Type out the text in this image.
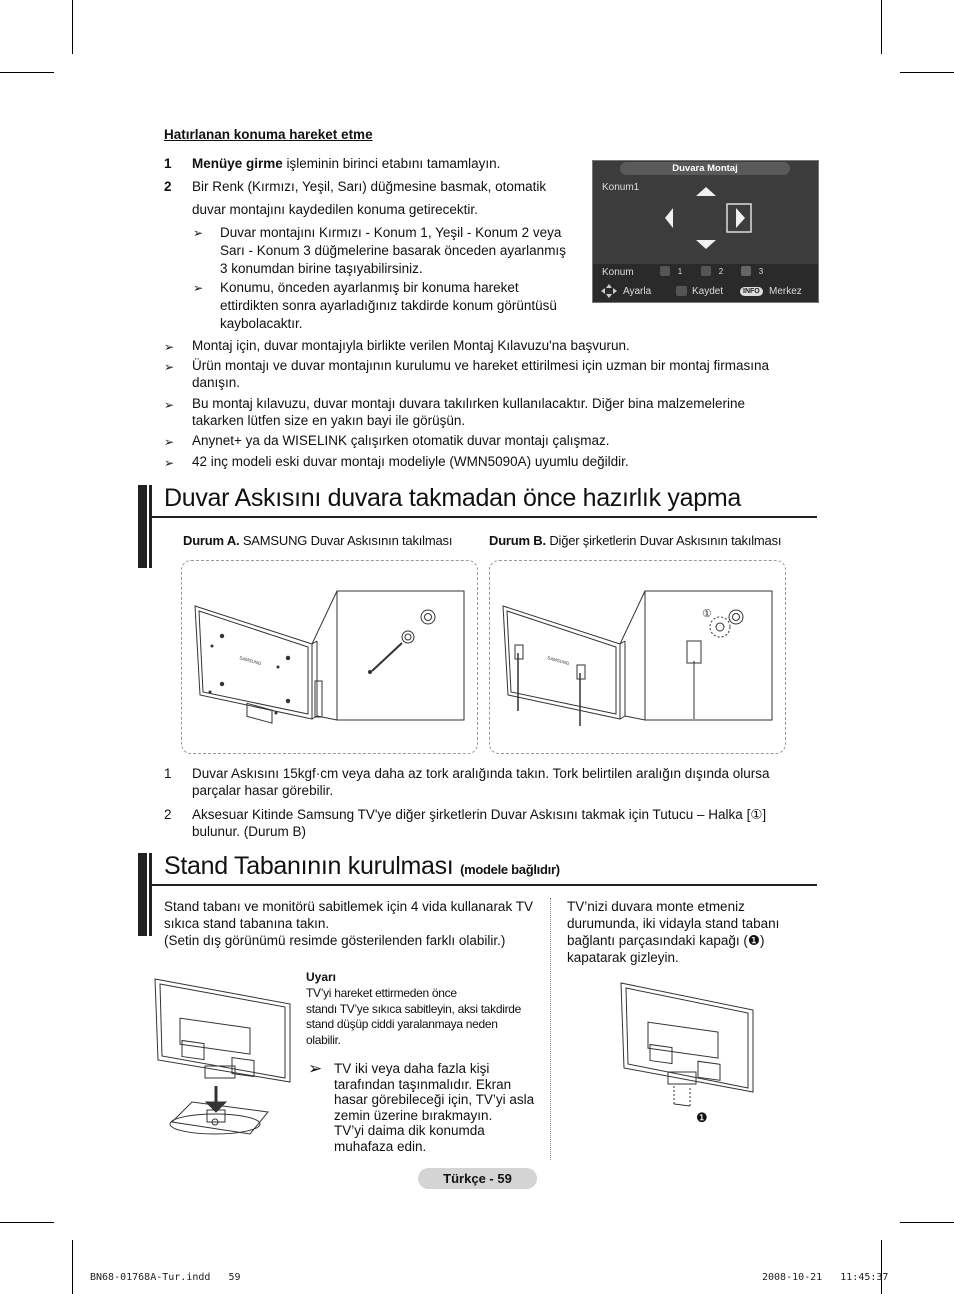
Hatırlanan konuma hareket etme
1 Menüye girme işleminin birinci etabını tamamlayın.
2 Bir Renk (Kırmızı, Yeşil, Sarı) düğmesine basmak, otomatik
duvar montajını kaydedilen konuma getirecektir.
➢ Duvar montajını Kırmızı - Konum 1, Yeşil - Konum 2 veya
Sarı - Konum 3 düğmelerine basarak önceden ayarlanmış
3 konumdan birine taşıyabilirsiniz.
➢ Konumu, önceden ayarlanmış bir konuma hareket
ettirdikten sonra ayarladığınız takdirde konum görüntüsü
kaybolacaktır.
➢ Montaj için, duvar montajıyla birlikte verilen Montaj Kılavuzu'na başvurun.
➢ Ürün montajı ve duvar montajının kurulumu ve hareket ettirilmesi için uzman bir montaj firmasına
danışın.
➢ Bu montaj kılavuzu, duvar montajı duvara takılırken kullanılacaktır. Diğer bina malzemelerine
takarken lütfen size en yakın bayi ile görüşün.
➢ Anynet+ ya da WISELINK çalışırken otomatik duvar montajı çalışmaz.
➢ 42 inç modeli eski duvar montajı modeliyle (WMN5090A) uyumlu değildir.
Duvara Montaj
Konum1
Konum	1	2	3
Ayarla	Kaydet	INFO Merkez
Duvar Askısını duvara takmadan önce hazırlık yapma
Durum A. SAMSUNG Duvar Askısının takılması	Durum B. Diğer şirketlerin Duvar Askısının takılması
SAMSUNG
①
SAMSUNG
1 Duvar Askısını 15kgf·cm veya daha az tork aralığında takın. Tork belirtilen aralığın dışında olursa
parçalar hasar görebilir.
2 Aksesuar Kitinde Samsung TV'ye diğer şirketlerin Duvar Askısını takmak için Tutucu – Halka [①]
bulunur. (Durum B)
Stand Tabanının kurulması (modele bağlıdır)
Stand tabanı ve monitörü sabitlemek için 4 vida kullanarak TV
sıkıca stand tabanına takın.
(Setin dış görünümü resimde gösterilenden farklı olabilir.)
TV’nizi duvara monte etmeniz
durumunda, iki vidayla stand tabanı
bağlantı parçasındaki kapağı (❶)
kapatarak gizleyin.
Uyarı
TV’yi hareket ettirmeden önce
standı TV’ye sıkıca sabitleyin, aksi takdirde
stand düşüp ciddi yaralanmaya neden
olabilir.
➢ TV iki veya daha fazla kişi
tarafından taşınmalıdır. Ekran
hasar görebileceği için, TV’yi asla
zemin üzerine bırakmayın.
TV’yi daima dik konumda
muhafaza edin.
❶
Türkçe - 59
BN68-01768A-Tur.indd   59	2008-10-21   11:45:37
